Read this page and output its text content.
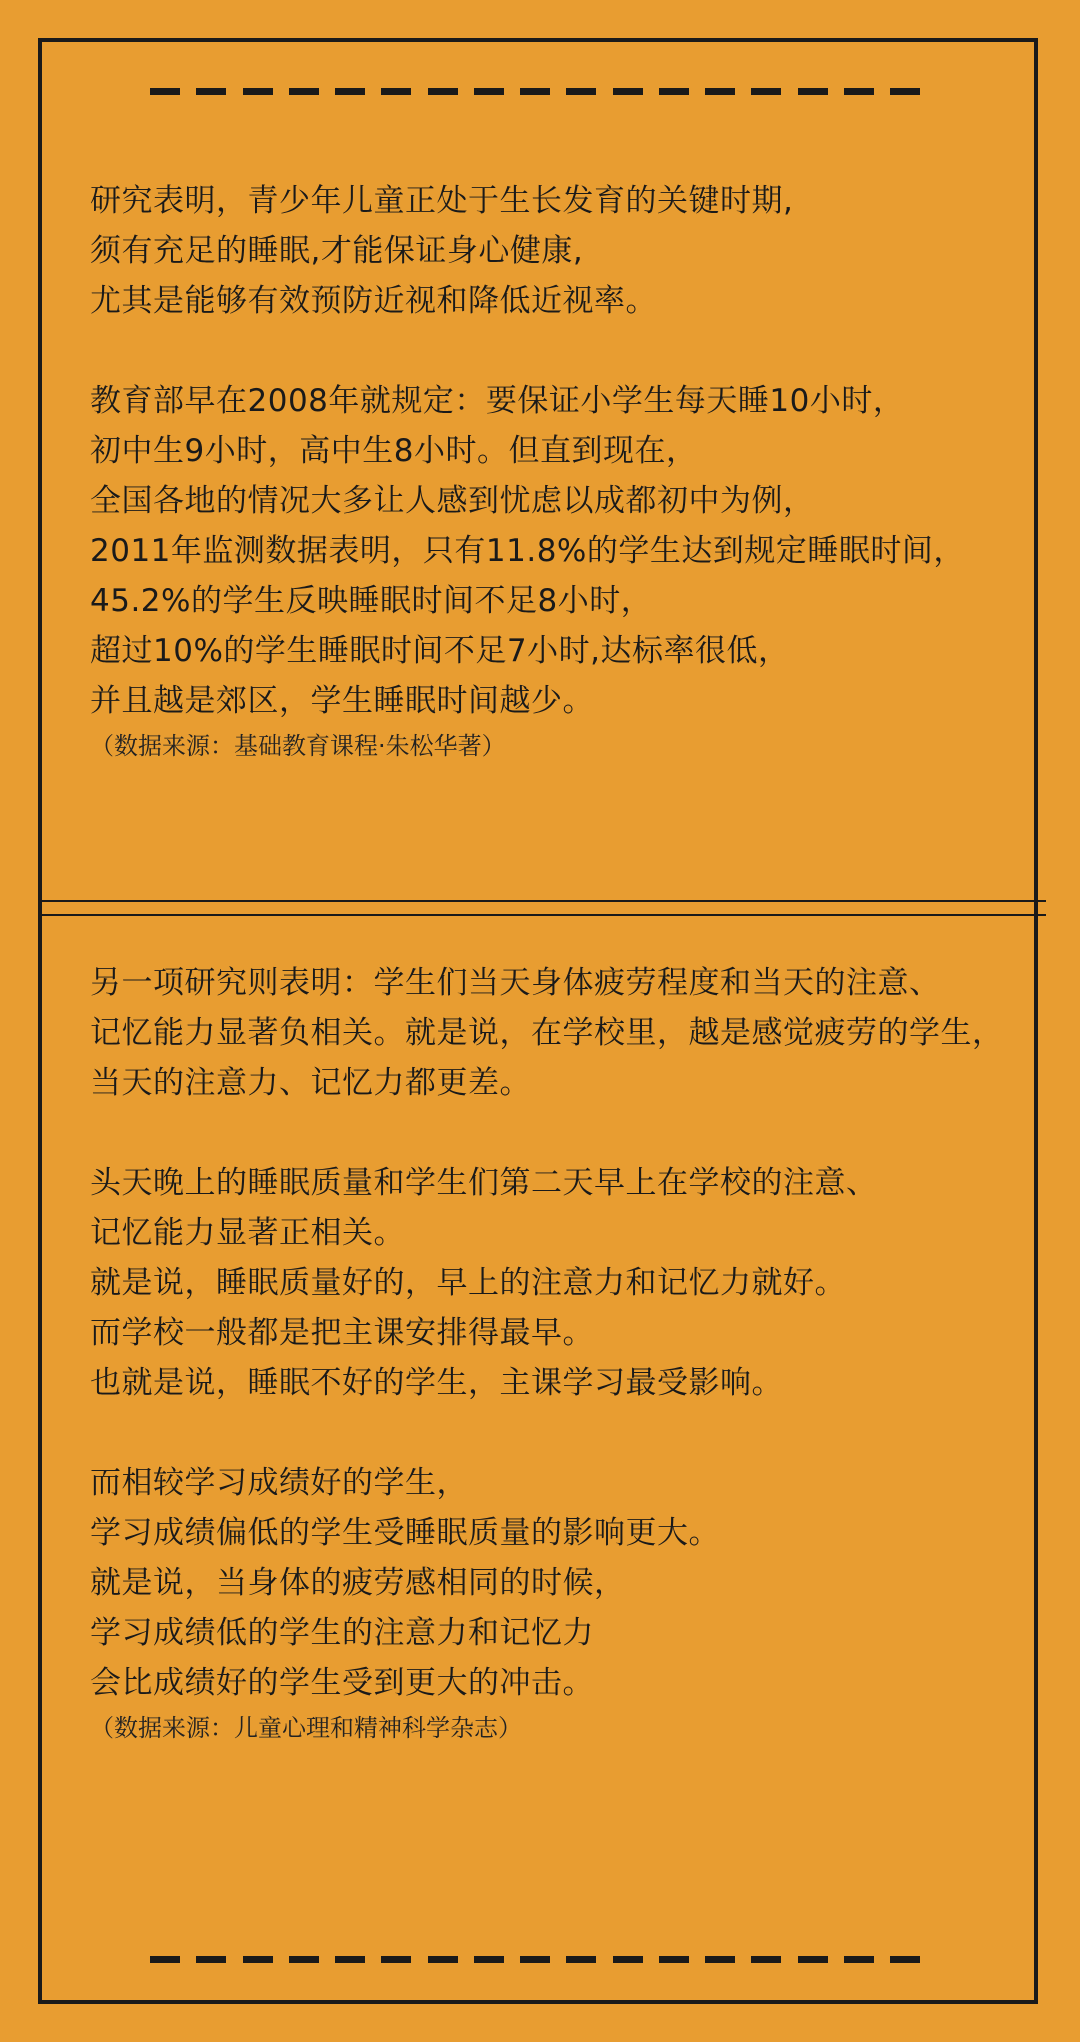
研究表明，青少年儿童正处于生长发育的关键时期,
须有充足的睡眠,才能保证身心健康,
尤其是能够有效预防近视和降低近视率。
教育部早在2008年就规定：要保证小学生每天睡10小时，
初中生9小时，高中生8小时。但直到现在，
全国各地的情况大多让人感到忧虑以成都初中为例，
2011年监测数据表明，只有11.8%的学生达到规定睡眠时间，
45.2%的学生反映睡眠时间不足8小时，
超过10%的学生睡眠时间不足7小时,达标率很低，
并且越是郊区，学生睡眠时间越少。
（数据来源：基础教育课程·朱松华著）
另一项研究则表明：学生们当天身体疲劳程度和当天的注意、
记忆能力显著负相关。就是说，在学校里，越是感觉疲劳的学生，
当天的注意力、记忆力都更差。
头天晚上的睡眠质量和学生们第二天早上在学校的注意、
记忆能力显著正相关。
就是说，睡眠质量好的，早上的注意力和记忆力就好。
而学校一般都是把主课安排得最早。
也就是说，睡眠不好的学生，主课学习最受影响。
而相较学习成绩好的学生，
学习成绩偏低的学生受睡眠质量的影响更大。
就是说，当身体的疲劳感相同的时候，
学习成绩低的学生的注意力和记忆力
会比成绩好的学生受到更大的冲击。
（数据来源：儿童心理和精神科学杂志）
